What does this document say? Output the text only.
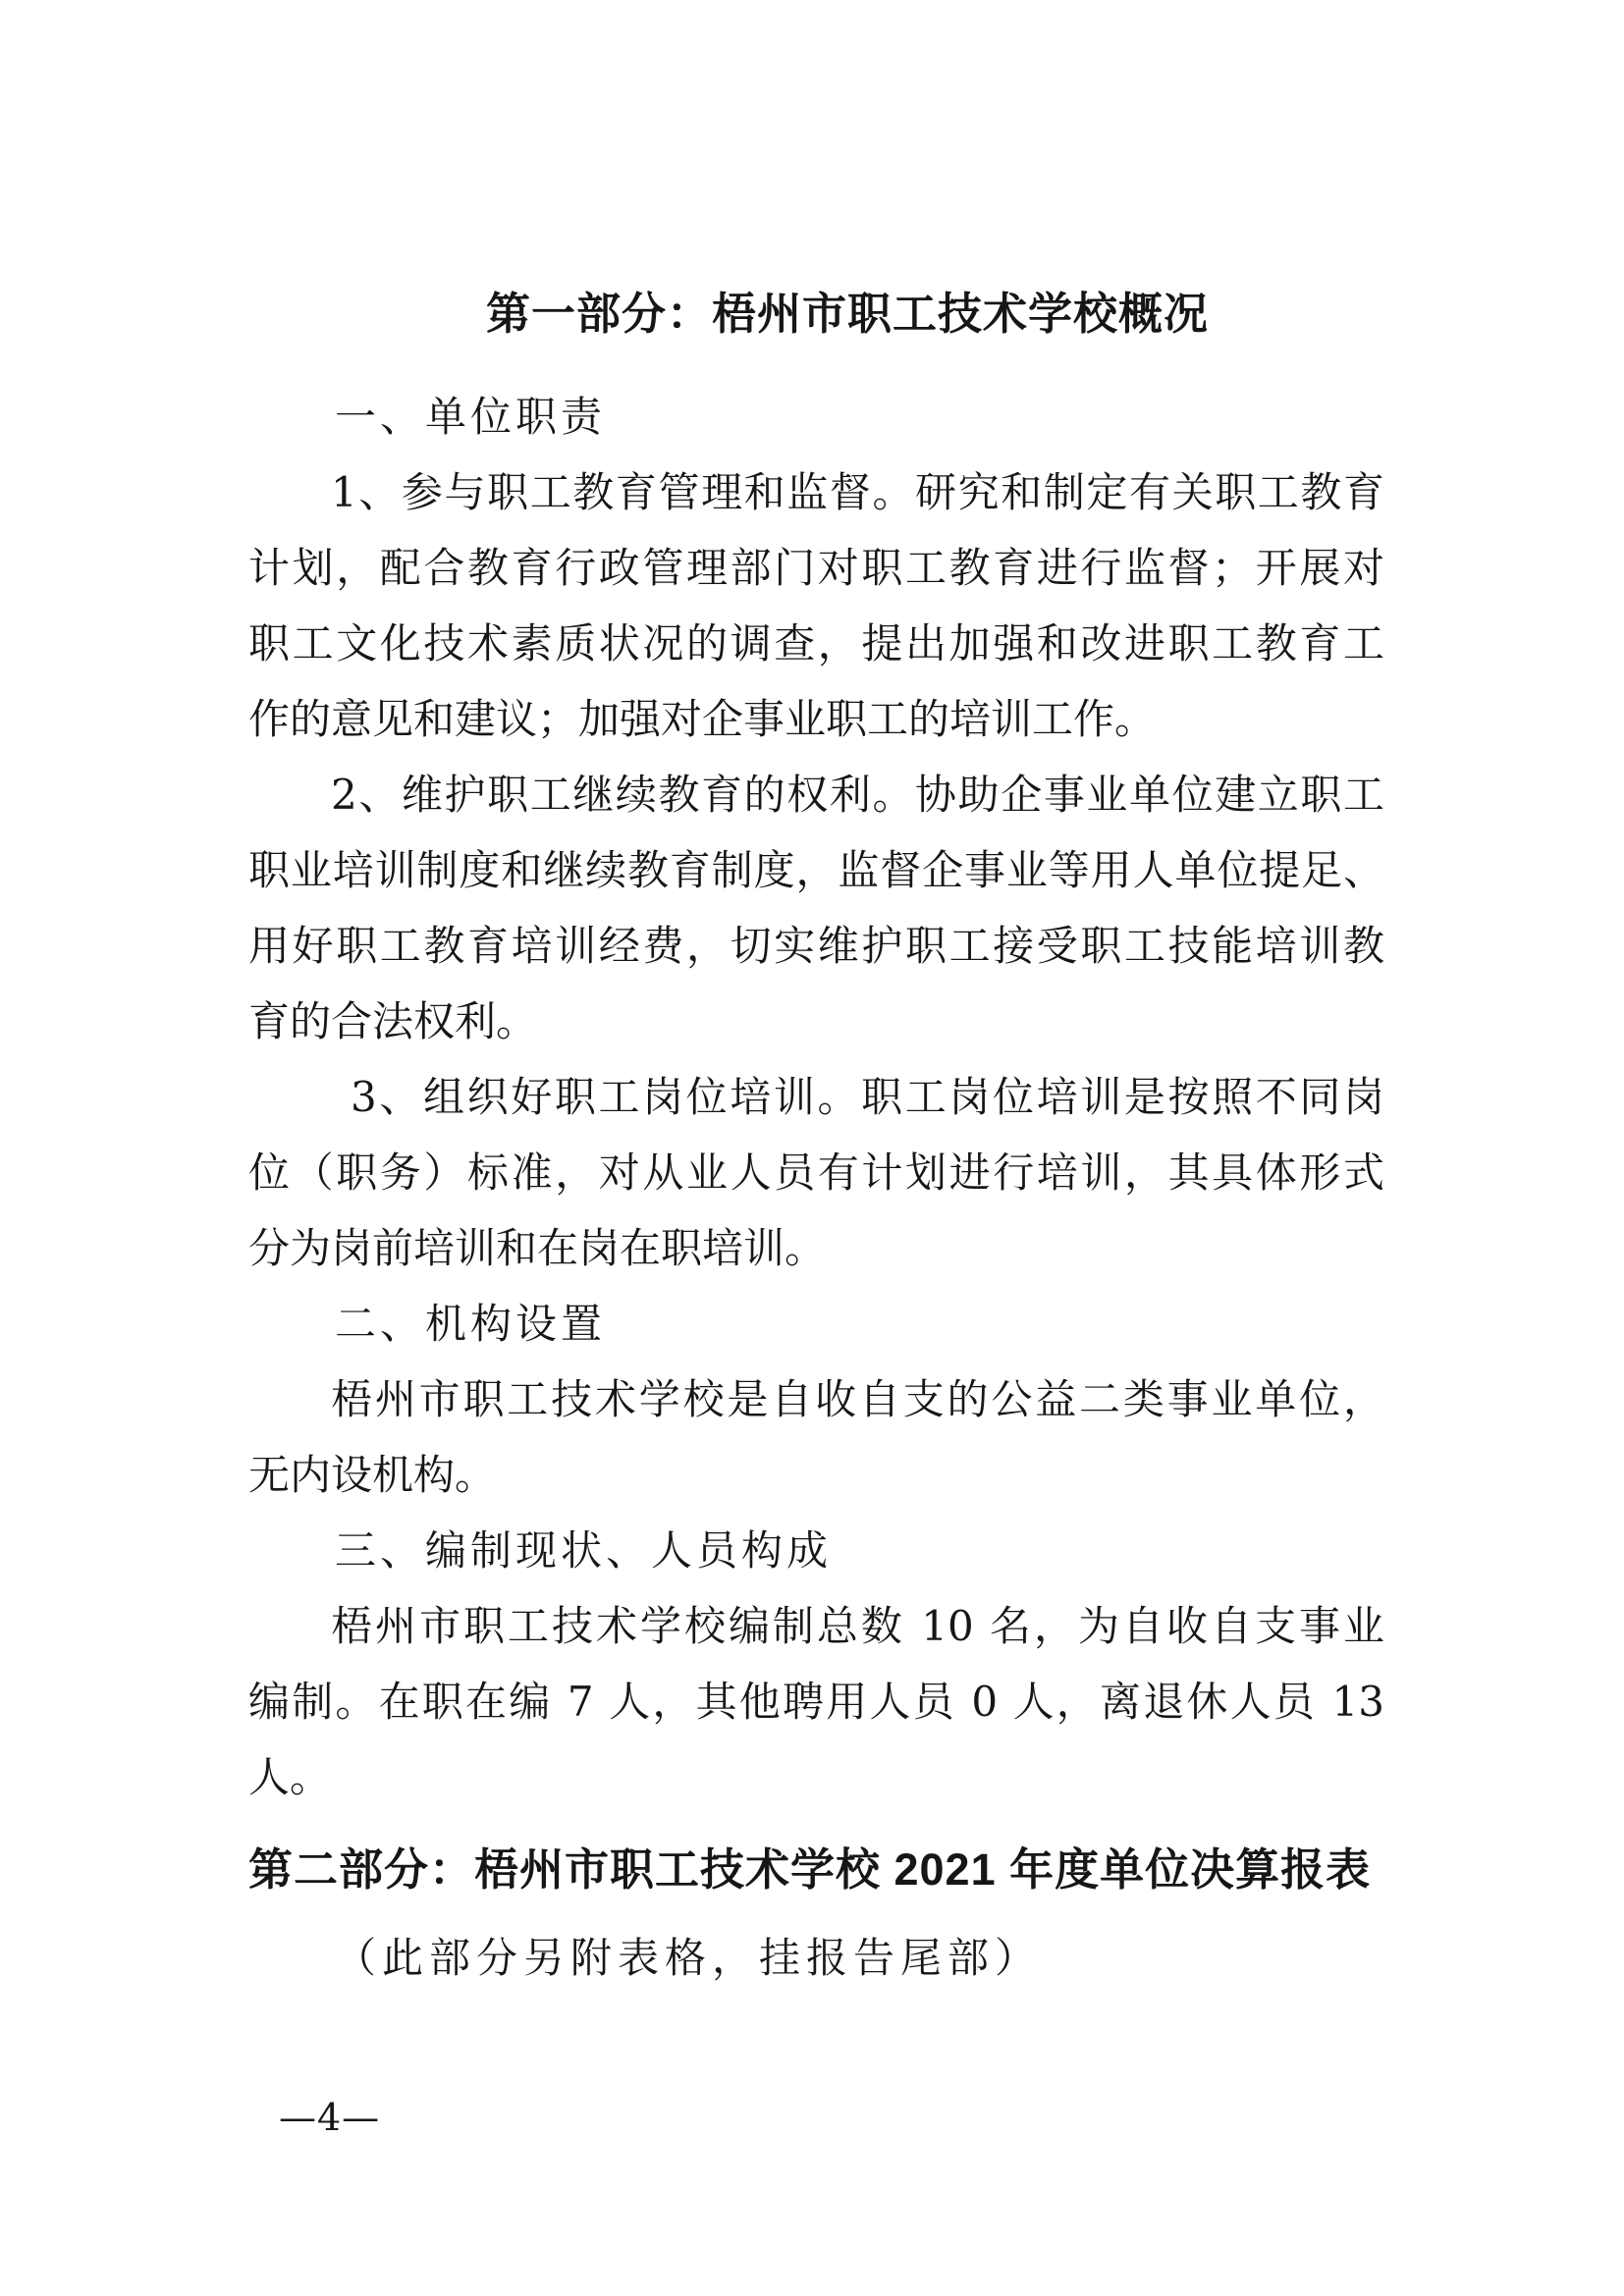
第一部分：梧州市职工技术学校概况
一、单位职责
1、参与职工教育管理和监督。研究和制定有关职工教育
计划，配合教育行政管理部门对职工教育进行监督；开展对
职工文化技术素质状况的调查，提出加强和改进职工教育工
作的意见和建议；加强对企事业职工的培训工作。
2、维护职工继续教育的权利。协助企事业单位建立职工
职业培训制度和继续教育制度，监督企事业等用人单位提足、
用好职工教育培训经费，切实维护职工接受职工技能培训教
育的合法权利。
3、组织好职工岗位培训。职工岗位培训是按照不同岗
位（职务）标准，对从业人员有计划进行培训，其具体形式
分为岗前培训和在岗在职培训。
二、机构设置
梧州市职工技术学校是自收自支的公益二类事业单位，
无内设机构。
三、编制现状、人员构成
梧州市职工技术学校编制总数 10 名，为自收自支事业
编制。在职在编 7 人，其他聘用人员 0 人，离退休人员 13
人。
第二部分：梧州市职工技术学校 2021 年度单位决算报表
（此部分另附表格，挂报告尾部）
—4—
